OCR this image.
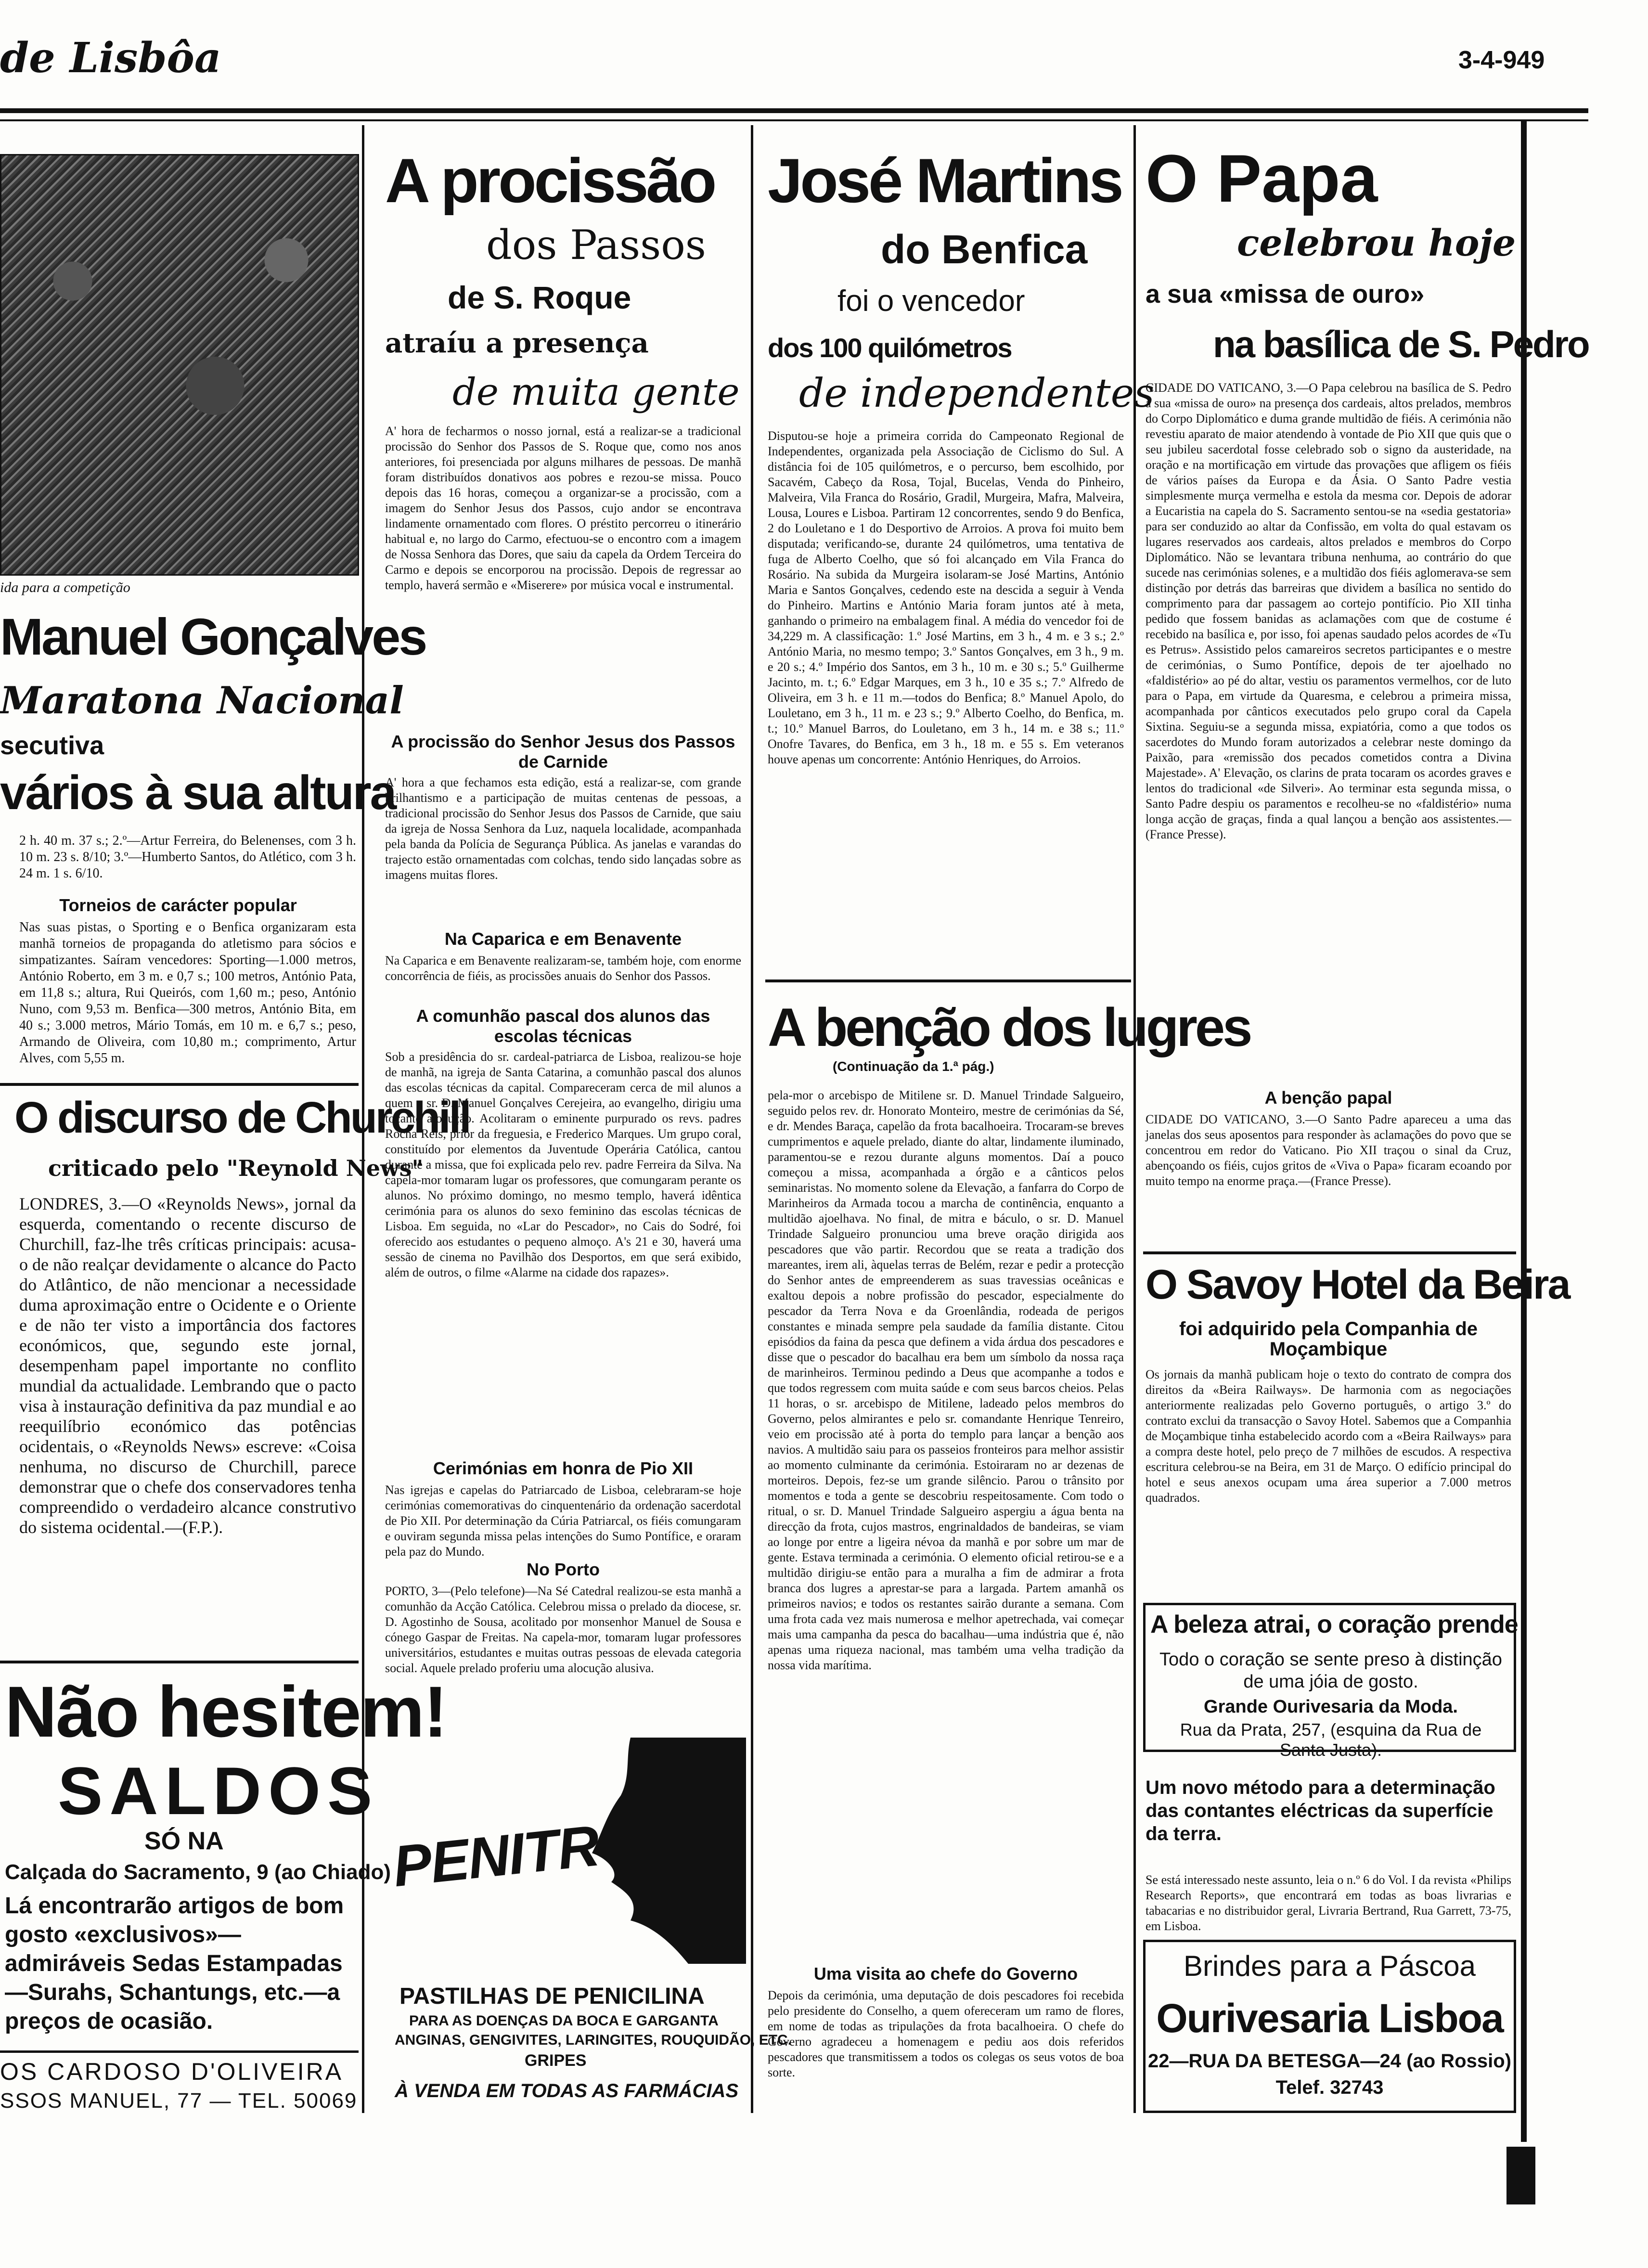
de Lisbôa	3-4-949
ida para a competição
Manuel Gonçalves
Maratona Nacional
secutiva
vários à sua altura
2 h. 40 m. 37 s.; 2.º—Artur Ferreira, do Belenenses, com 3 h. 10 m. 23 s. 8/10; 3.º—Humberto Santos, do Atlético, com 3 h. 24 m. 1 s. 6/10.
Torneios de carácter popular
Nas suas pistas, o Sporting e o Benfica organizaram esta manhã torneios de propaganda do atletismo para sócios e simpatizantes. Saíram vencedores: Sporting—1.000 metros, António Roberto, em 3 m. e 0,7 s.; 100 metros, António Pata, em 11,8 s.; altura, Rui Queirós, com 1,60 m.; peso, António Nuno, com 9,53 m. Benfica—300 metros, António Bita, em 40 s.; 3.000 metros, Mário Tomás, em 10 m. e 6,7 s.; peso, Armando de Oliveira, com 10,80 m.; comprimento, Artur Alves, com 5,55 m.
O discurso de Churchill
criticado pelo "Reynold News"
LONDRES, 3.—O «Reynolds News», jornal da esquerda, comentando o recente discurso de Churchill, faz-lhe três críticas principais: acusa-o de não realçar devidamente o alcance do Pacto do Atlântico, de não mencionar a necessidade duma aproximação entre o Ocidente e o Oriente e de não ter visto a importância dos factores económicos, que, segundo este jornal, desempenham papel importante no conflito mundial da actualidade. Lembrando que o pacto visa à instauração definitiva da paz mundial e ao reequilíbrio económico das potências ocidentais, o «Reynolds News» escreve: «Coisa nenhuma, no discurso de Churchill, parece demonstrar que o chefe dos conservadores tenha compreendido o verdadeiro alcance construtivo do sistema ocidental.—(F.P.).
Não hesitem!
SALDOS
SÓ NA
Calçada do Sacramento, 9 (ao Chiado)
Lá encontrarão artigos de bom gosto «exclusivos»—admiráveis Sedas Estampadas—Surahs, Schantungs, etc.—a preços de ocasião.
OS CARDOSO D'OLIVEIRA
SSOS MANUEL, 77 — TEL. 50069
A procissão
dos Passos
de S. Roque
atraíu a presença
de muita gente
A' hora de fecharmos o nosso jornal, está a realizar-se a tradicional procissão do Senhor dos Passos de S. Roque que, como nos anos anteriores, foi presenciada por alguns milhares de pessoas. De manhã foram distribuídos donativos aos pobres e rezou-se missa. Pouco depois das 16 horas, começou a organizar-se a procissão, com a imagem do Senhor Jesus dos Passos, cujo andor se encontrava lindamente ornamentado com flores. O préstito percorreu o itinerário habitual e, no largo do Carmo, efectuou-se o encontro com a imagem de Nossa Senhora das Dores, que saiu da capela da Ordem Terceira do Carmo e depois se encorporou na procissão. Depois de regressar ao templo, haverá sermão e «Miserere» por música vocal e instrumental.
A procissão do Senhor Jesus dos Passos de Carnide
A' hora a que fechamos esta edição, está a realizar-se, com grande brilhantismo e a participação de muitas centenas de pessoas, a tradicional procissão do Senhor Jesus dos Passos de Carnide, que saiu da igreja de Nossa Senhora da Luz, naquela localidade, acompanhada pela banda da Polícia de Segurança Pública. As janelas e varandas do trajecto estão ornamentadas com colchas, tendo sido lançadas sobre as imagens muitas flores.
Na Caparica e em Benavente
Na Caparica e em Benavente realizaram-se, também hoje, com enorme concorrência de fiéis, as procissões anuais do Senhor dos Passos.
A comunhão pascal dos alunos das escolas técnicas
Sob a presidência do sr. cardeal-patriarca de Lisboa, realizou-se hoje de manhã, na igreja de Santa Catarina, a comunhão pascal dos alunos das escolas técnicas da capital. Compareceram cerca de mil alunos a quem o sr. D. Manuel Gonçalves Cerejeira, ao evangelho, dirigiu uma tocante alocução. Acolitaram o eminente purpurado os revs. padres Rocha Reis, prior da freguesia, e Frederico Marques. Um grupo coral, constituído por elementos da Juventude Operária Católica, cantou durante a missa, que foi explicada pelo rev. padre Ferreira da Silva. Na capela-mor tomaram lugar os professores, que comungaram perante os alunos. No próximo domingo, no mesmo templo, haverá idêntica cerimónia para os alunos do sexo feminino das escolas técnicas de Lisboa. Em seguida, no «Lar do Pescador», no Cais do Sodré, foi oferecido aos estudantes o pequeno almoço. A's 21 e 30, haverá uma sessão de cinema no Pavilhão dos Desportos, em que será exibido, além de outros, o filme «Alarme na cidade dos rapazes».
Cerimónias em honra de Pio XII
Nas igrejas e capelas do Patriarcado de Lisboa, celebraram-se hoje cerimónias comemorativas do cinquentenário da ordenação sacerdotal de Pio XII. Por determinação da Cúria Patriarcal, os fiéis comungaram e ouviram segunda missa pelas intenções do Sumo Pontífice, e oraram pela paz do Mundo.
No Porto
PORTO, 3—(Pelo telefone)—Na Sé Catedral realizou-se esta manhã a comunhão da Acção Católica. Celebrou missa o prelado da diocese, sr. D. Agostinho de Sousa, acolitado por monsenhor Manuel de Sousa e cónego Gaspar de Freitas. Na capela-mor, tomaram lugar professores universitários, estudantes e muitas outras pessoas de elevada categoria social. Aquele prelado proferiu uma alocução alusiva.
PENITROL
PASTILHAS DE PENICILINA
PARA AS DOENÇAS DA BOCA E GARGANTA
ANGINAS, GENGIVITES, LARINGITES, ROUQUIDÃO, ETC.
GRIPES
À VENDA EM TODAS AS FARMÁCIAS
José Martins
do Benfica
foi o vencedor
dos 100 quilómetros
de independentes
Disputou-se hoje a primeira corrida do Campeonato Regional de Independentes, organizada pela Associação de Ciclismo do Sul. A distância foi de 105 quilómetros, e o percurso, bem escolhido, por Sacavém, Cabeço da Rosa, Tojal, Bucelas, Venda do Pinheiro, Malveira, Vila Franca do Rosário, Gradil, Murgeira, Mafra, Malveira, Lousa, Loures e Lisboa. Partiram 12 concorrentes, sendo 9 do Benfica, 2 do Louletano e 1 do Desportivo de Arroios. A prova foi muito bem disputada; verificando-se, durante 24 quilómetros, uma tentativa de fuga de Alberto Coelho, que só foi alcançado em Vila Franca do Rosário. Na subida da Murgeira isolaram-se José Martins, António Maria e Santos Gonçalves, cedendo este na descida a seguir à Venda do Pinheiro. Martins e António Maria foram juntos até à meta, ganhando o primeiro na embalagem final. A média do vencedor foi de 34,229 m. A classificação: 1.º José Martins, em 3 h., 4 m. e 3 s.; 2.º António Maria, no mesmo tempo; 3.º Santos Gonçalves, em 3 h., 9 m. e 20 s.; 4.º Império dos Santos, em 3 h., 10 m. e 30 s.; 5.º Guilherme Jacinto, m. t.; 6.º Edgar Marques, em 3 h., 10 e 35 s.; 7.º Alfredo de Oliveira, em 3 h. e 11 m.—todos do Benfica; 8.º Manuel Apolo, do Louletano, em 3 h., 11 m. e 23 s.; 9.º Alberto Coelho, do Benfica, m. t.; 10.º Manuel Barros, do Louletano, em 3 h., 14 m. e 38 s.; 11.º Onofre Tavares, do Benfica, em 3 h., 18 m. e 55 s. Em veteranos houve apenas um concorrente: António Henriques, do Arroios.
A benção dos lugres
(Continuação da 1.ª pág.)
pela-mor o arcebispo de Mitilene sr. D. Manuel Trindade Salgueiro, seguido pelos rev. dr. Honorato Monteiro, mestre de cerimónias da Sé, e dr. Mendes Baraça, capelão da frota bacalhoeira. Trocaram-se breves cumprimentos e aquele prelado, diante do altar, lindamente iluminado, paramentou-se e rezou durante alguns momentos. Daí a pouco começou a missa, acompanhada a órgão e a cânticos pelos seminaristas. No momento solene da Elevação, a fanfarra do Corpo de Marinheiros da Armada tocou a marcha de continência, enquanto a multidão ajoelhava. No final, de mitra e báculo, o sr. D. Manuel Trindade Salgueiro pronunciou uma breve oração dirigida aos pescadores que vão partir. Recordou que se reata a tradição dos mareantes, irem ali, àquelas terras de Belém, rezar e pedir a protecção do Senhor antes de empreenderem as suas travessias oceânicas e exaltou depois a nobre profissão do pescador, especialmente do pescador da Terra Nova e da Groenlândia, rodeada de perigos constantes e minada sempre pela saudade da família distante. Citou episódios da faina da pesca que definem a vida árdua dos pescadores e disse que o pescador do bacalhau era bem um símbolo da nossa raça de marinheiros. Terminou pedindo a Deus que acompanhe a todos e que todos regressem com muita saúde e com seus barcos cheios. Pelas 11 horas, o sr. arcebispo de Mitilene, ladeado pelos membros do Governo, pelos almirantes e pelo sr. comandante Henrique Tenreiro, veio em procissão até à porta do templo para lançar a benção aos navios. A multidão saiu para os passeios fronteiros para melhor assistir ao momento culminante da cerimónia. Estoiraram no ar dezenas de morteiros. Depois, fez-se um grande silêncio. Parou o trânsito por momentos e toda a gente se descobriu respeitosamente. Com todo o ritual, o sr. D. Manuel Trindade Salgueiro aspergiu a água benta na direcção da frota, cujos mastros, engrinaldados de bandeiras, se viam ao longe por entre a ligeira névoa da manhã e por sobre um mar de gente. Estava terminada a cerimónia. O elemento oficial retirou-se e a multidão dirigiu-se então para a muralha a fim de admirar a frota branca dos lugres a aprestar-se para a largada. Partem amanhã os primeiros navios; e todos os restantes sairão durante a semana. Com uma frota cada vez mais numerosa e melhor apetrechada, vai começar mais uma campanha da pesca do bacalhau—uma indústria que é, não apenas uma riqueza nacional, mas também uma velha tradição da nossa vida marítima.
Uma visita ao chefe do Governo
Depois da cerimónia, uma deputação de dois pescadores foi recebida pelo presidente do Conselho, a quem ofereceram um ramo de flores, em nome de todas as tripulações da frota bacalhoeira. O chefe do Governo agradeceu a homenagem e pediu aos dois referidos pescadores que transmitissem a todos os colegas os seus votos de boa sorte.
O Papa
celebrou hoje
a sua «missa de ouro»
na basílica de S. Pedro
CIDADE DO VATICANO, 3.—O Papa celebrou na basílica de S. Pedro a sua «missa de ouro» na presença dos cardeais, altos prelados, membros do Corpo Diplomático e duma grande multidão de fiéis. A cerimónia não revestiu aparato de maior atendendo à vontade de Pio XII que quis que o seu jubileu sacerdotal fosse celebrado sob o signo da austeridade, na oração e na mortificação em virtude das provações que afligem os fiéis de vários países da Europa e da Ásia. O Santo Padre vestia simplesmente murça vermelha e estola da mesma cor. Depois de adorar a Eucaristia na capela do S. Sacramento sentou-se na «sedia gestatoria» para ser conduzido ao altar da Confissão, em volta do qual estavam os lugares reservados aos cardeais, altos prelados e membros do Corpo Diplomático. Não se levantara tribuna nenhuma, ao contrário do que sucede nas cerimónias solenes, e a multidão dos fiéis aglomerava-se sem distinção por detrás das barreiras que dividem a basílica no sentido do comprimento para dar passagem ao cortejo pontifício. Pio XII tinha pedido que fossem banidas as aclamações com que de costume é recebido na basílica e, por isso, foi apenas saudado pelos acordes de «Tu es Petrus». Assistido pelos camareiros secretos participantes e o mestre de cerimónias, o Sumo Pontífice, depois de ter ajoelhado no «faldistério» ao pé do altar, vestiu os paramentos vermelhos, cor de luto para o Papa, em virtude da Quaresma, e celebrou a primeira missa, acompanhada por cânticos executados pelo grupo coral da Capela Sixtina. Seguiu-se a segunda missa, expiatória, como a que todos os sacerdotes do Mundo foram autorizados a celebrar neste domingo da Paixão, para «remissão dos pecados cometidos contra a Divina Majestade». A' Elevação, os clarins de prata tocaram os acordes graves e lentos do tradicional «de Silveri». Ao terminar esta segunda missa, o Santo Padre despiu os paramentos e recolheu-se no «faldistério» numa longa acção de graças, finda a qual lançou a benção aos assistentes.—(France Presse).
A benção papal
CIDADE DO VATICANO, 3.—O Santo Padre apareceu a uma das janelas dos seus aposentos para responder às aclamações do povo que se concentrou em redor do Vaticano. Pio XII traçou o sinal da Cruz, abençoando os fiéis, cujos gritos de «Viva o Papa» ficaram ecoando por muito tempo na enorme praça.—(France Presse).
O Savoy Hotel da Beira
foi adquirido pela Companhia de Moçambique
Os jornais da manhã publicam hoje o texto do contrato de compra dos direitos da «Beira Railways». De harmonia com as negociações anteriormente realizadas pelo Governo português, o artigo 3.º do contrato exclui da transacção o Savoy Hotel. Sabemos que a Companhia de Moçambique tinha estabelecido acordo com a «Beira Railways» para a compra deste hotel, pelo preço de 7 milhões de escudos. A respectiva escritura celebrou-se na Beira, em 31 de Março. O edifício principal do hotel e seus anexos ocupam uma área superior a 7.000 metros quadrados.
A beleza atrai, o coração prende
Todo o coração se sente preso à distinção de uma jóia de gosto.
Grande Ourivesaria da Moda.
Rua da Prata, 257, (esquina da Rua de Santa Justa).
Um novo método para a determinação das contantes eléctricas da superfície da terra.
Se está interessado neste assunto, leia o n.º 6 do Vol. I da revista «Philips Research Reports», que encontrará em todas as boas livrarias e tabacarias e no distribuidor geral, Livraria Bertrand, Rua Garrett, 73-75, em Lisboa.
Brindes para a Páscoa
Ourivesaria Lisboa
22—RUA DA BETESGA—24 (ao Rossio)
Telef. 32743
